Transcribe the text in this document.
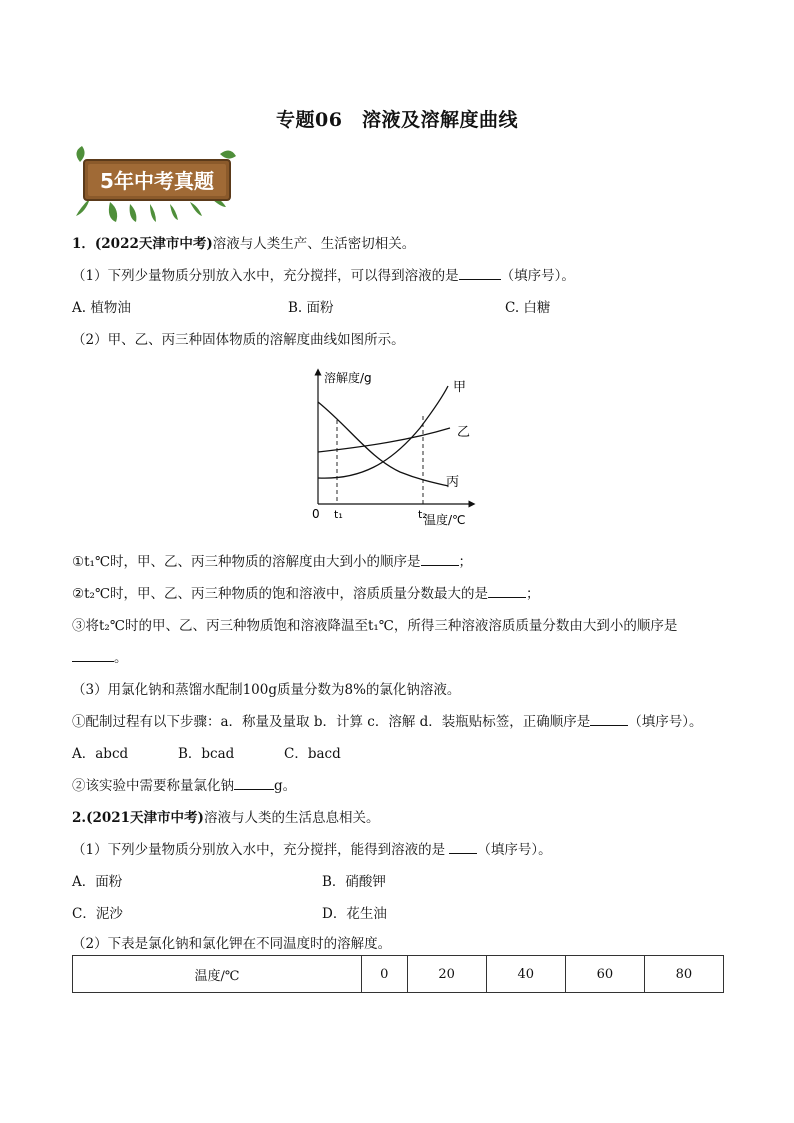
专题06　溶液及溶解度曲线
5年中考真题
1．(2022天津市中考)溶液与人类生产、生活密切相关。
（1）下列少量物质分别放入水中，充分搅拌，可以得到溶液的是	（填序号）。
A. 植物油	B. 面粉	C. 白糖
（2）甲、乙、丙三种固体物质的溶解度曲线如图所示。
溶解度/g
温度/℃
0 t₁	t₂
甲
乙
丙
①t₁℃时，甲、乙、丙三种物质的溶解度由大到小的顺序是	；
②t₂℃时，甲、乙、丙三种物质的饱和溶液中，溶质质量分数最大的是	；
③将t₂℃时的甲、乙、丙三种物质饱和溶液降温至t₁℃，所得三种溶液溶质质量分数由大到小的顺序是
。
（3）用氯化钠和蒸馏水配制100g质量分数为8%的氯化钠溶液。
①配制过程有以下步骤：a．称量及量取 b．计算 c．溶解 d．装瓶贴标签，正确顺序是	（填序号）。
A．abcd	B．bcad	C．bacd
②该实验中需要称量氯化钠	g。
2.(2021天津市中考)溶液与人类的生活息息相关。
（1）下列少量物质分别放入水中，充分搅拌，能得到溶液的是 （填序号）。
A．面粉	B．硝酸钾
C．泥沙	D．花生油
（2）下表是氯化钠和氯化钾在不同温度时的溶解度。
温度/℃	0	20	40	60	80
